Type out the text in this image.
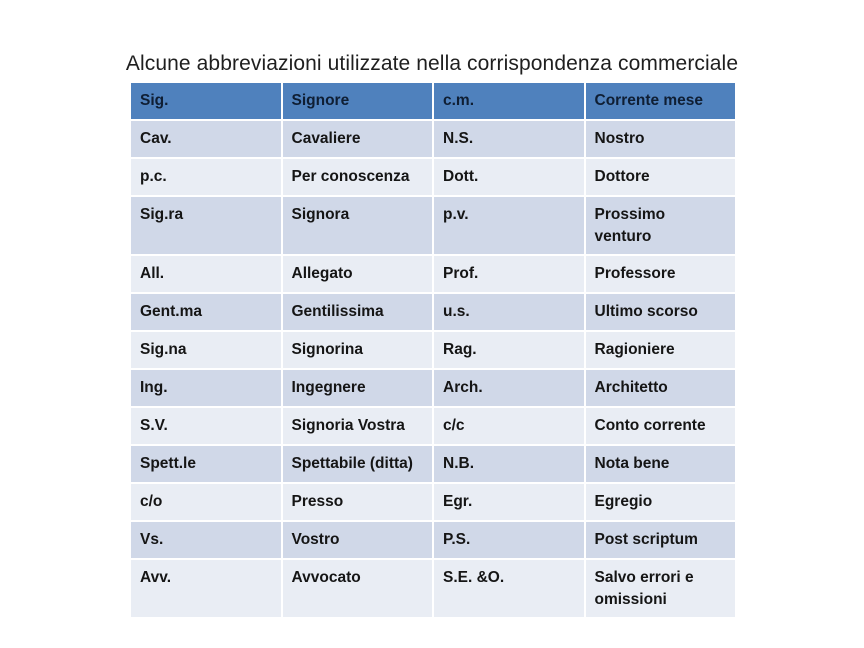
Alcune abbreviazioni utilizzate nella corrispondenza commerciale
Sig.	Signore	c.m.	Corrente mese
Cav.	Cavaliere	N.S.	Nostro
p.c.	Per conoscenza	Dott.	Dottore
Sig.ra	Signora	p.v.	Prossimo venturo
All.	Allegato	Prof.	Professore
Gent.ma	Gentilissima	u.s.	Ultimo scorso
Sig.na	Signorina	Rag.	Ragioniere
Ing.	Ingegnere	Arch.	Architetto
S.V.	Signoria Vostra	c/c	Conto corrente
Spett.le	Spettabile (ditta)	N.B.	Nota bene
c/o	Presso	Egr.	Egregio
Vs.	Vostro	P.S.	Post scriptum
Avv.	Avvocato	S.E. &O.	Salvo errori e omissioni
